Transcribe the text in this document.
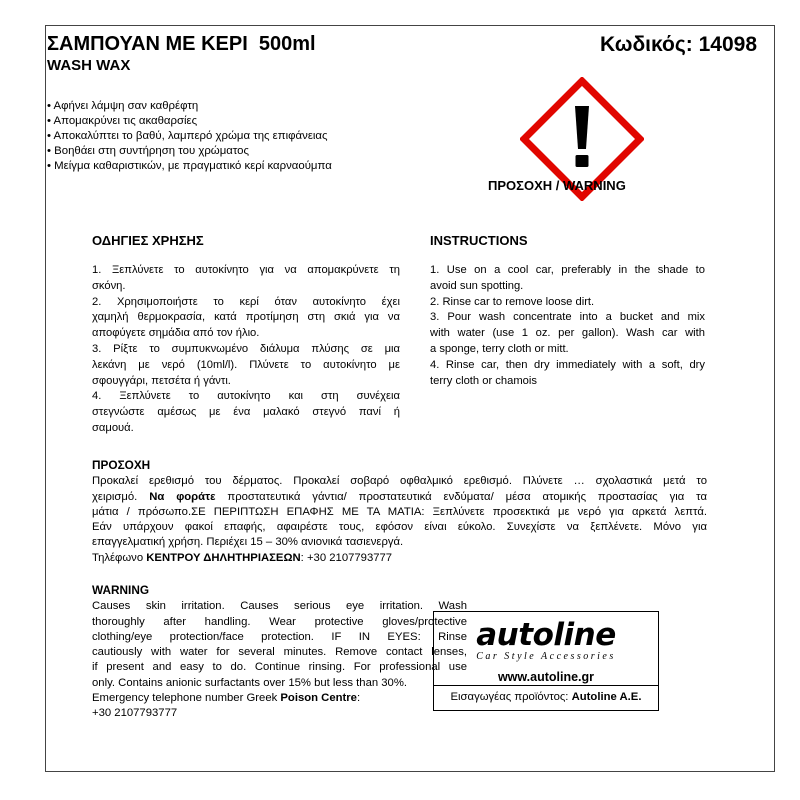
ΣΑΜΠΟΥΑΝ ΜΕ ΚΕΡΙ  500ml
WASH WAX
Κωδικός: 14098
• Αφήνει λάμψη σαν καθρέφτη
• Απομακρύνει τις ακαθαρσίες
• Αποκαλύπτει το βαθύ, λαμπερό χρώμα της επιφάνειας
• Βοηθάει στη συντήρηση του χρώματος
• Μείγμα καθαριστικών, με πραγματικό κερί καρναούμπα
ΠΡΟΣΟΧΗ / WARNING
ΟΔΗΓΙΕΣ ΧΡΗΣΗΣ

1. Ξεπλύνετε το αυτοκίνητο για να απομακρύνετε τη
σκόνη.

2. Χρησιμοποιήστε το κερί όταν αυτοκίνητο έχει
χαμηλή θερμοκρασία, κατά προτίμηση στη σκιά για να
αποφύγετε σημάδια από τον ήλιο.

3. Ρίξτε το συμπυκνωμένο διάλυμα πλύσης σε μια
λεκάνη με νερό (10ml/l). Πλύνετε το αυτοκίνητο με
σφουγγάρι, πετσέτα ή γάντι.

4. Ξεπλύνετε το αυτοκίνητο και στη συνέχεια
στεγνώστε αμέσως με ένα μαλακό στεγνό πανί ή
σαμουά.

INSTRUCTIONS

1. Use on a cool car, preferably in the shade to
avoid sun spotting.

2. Rinse car to remove loose dirt.

3. Pour wash concentrate into a bucket and mix
with water (use 1 oz. per gallon). Wash car with
a sponge, terry cloth or mitt.

4. Rinse car, then dry immediately with a soft, dry
terry cloth or chamois

ΠΡΟΣΟΧΗ
Προκαλεί ερεθισμό του δέρματος. Προκαλεί σοβαρό οφθαλμικό ερεθισμό. Πλύνετε … σχολαστικά μετά το
χειρισμό. Να φοράτε προστατευτικά γάντια/ προστατευτικά ενδύματα/ μέσα ατομικής προστασίας για τα
μάτια / πρόσωπο.ΣΕ ΠΕΡΙΠΤΩΣΗ ΕΠΑΦΗΣ ΜΕ ΤΑ ΜΑΤΙΑ: Ξεπλύνετε προσεκτικά με νερό για αρκετά λεπτά.
Εάν υπάρχουν φακοί επαφής, αφαιρέστε τους, εφόσον είναι εύκολο. Συνεχίστε να ξεπλένετε. Μόνο για
επαγγελματική χρήση. Περιέχει 15 – 30% ανιονικά τασιενεργά.
Τηλέφωνο ΚΕΝΤΡΟΥ ΔΗΛΗΤΗΡΙΑΣΕΩΝ: +30 2107793777
WARNING
Causes skin irritation. Causes serious eye irritation. Wash
thoroughly after handling. Wear protective gloves/protective
clothing/eye protection/face protection. IF IN EYES: Rinse
cautiously with water for several minutes. Remove contact lenses,
if present and easy to do. Continue rinsing. For professional use
only. Contains anionic surfactants over 15% but less than 30%.
Emergency telephone number Greek Poison Centre:
+30 2107793777
autoline
Car Style Accessories
www.autoline.gr
Εισαγωγέας προϊόντος: Autoline A.E.
